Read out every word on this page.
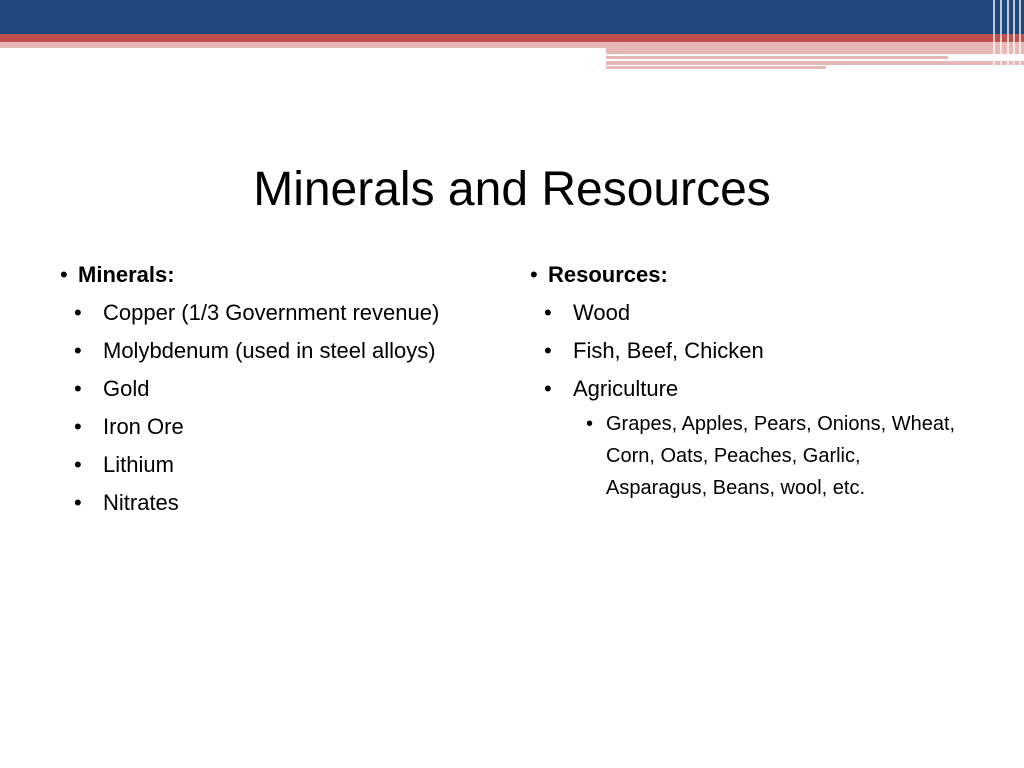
Minerals and Resources
• Minerals:
• Copper (1/3 Government revenue)
• Molybdenum (used in steel alloys)
• Gold
• Iron Ore
• Lithium
• Nitrates
• Resources:
• Wood
• Fish, Beef, Chicken
• Agriculture
• Grapes, Apples, Pears, Onions, Wheat, Corn, Oats, Peaches, Garlic, Asparagus, Beans, wool, etc.
